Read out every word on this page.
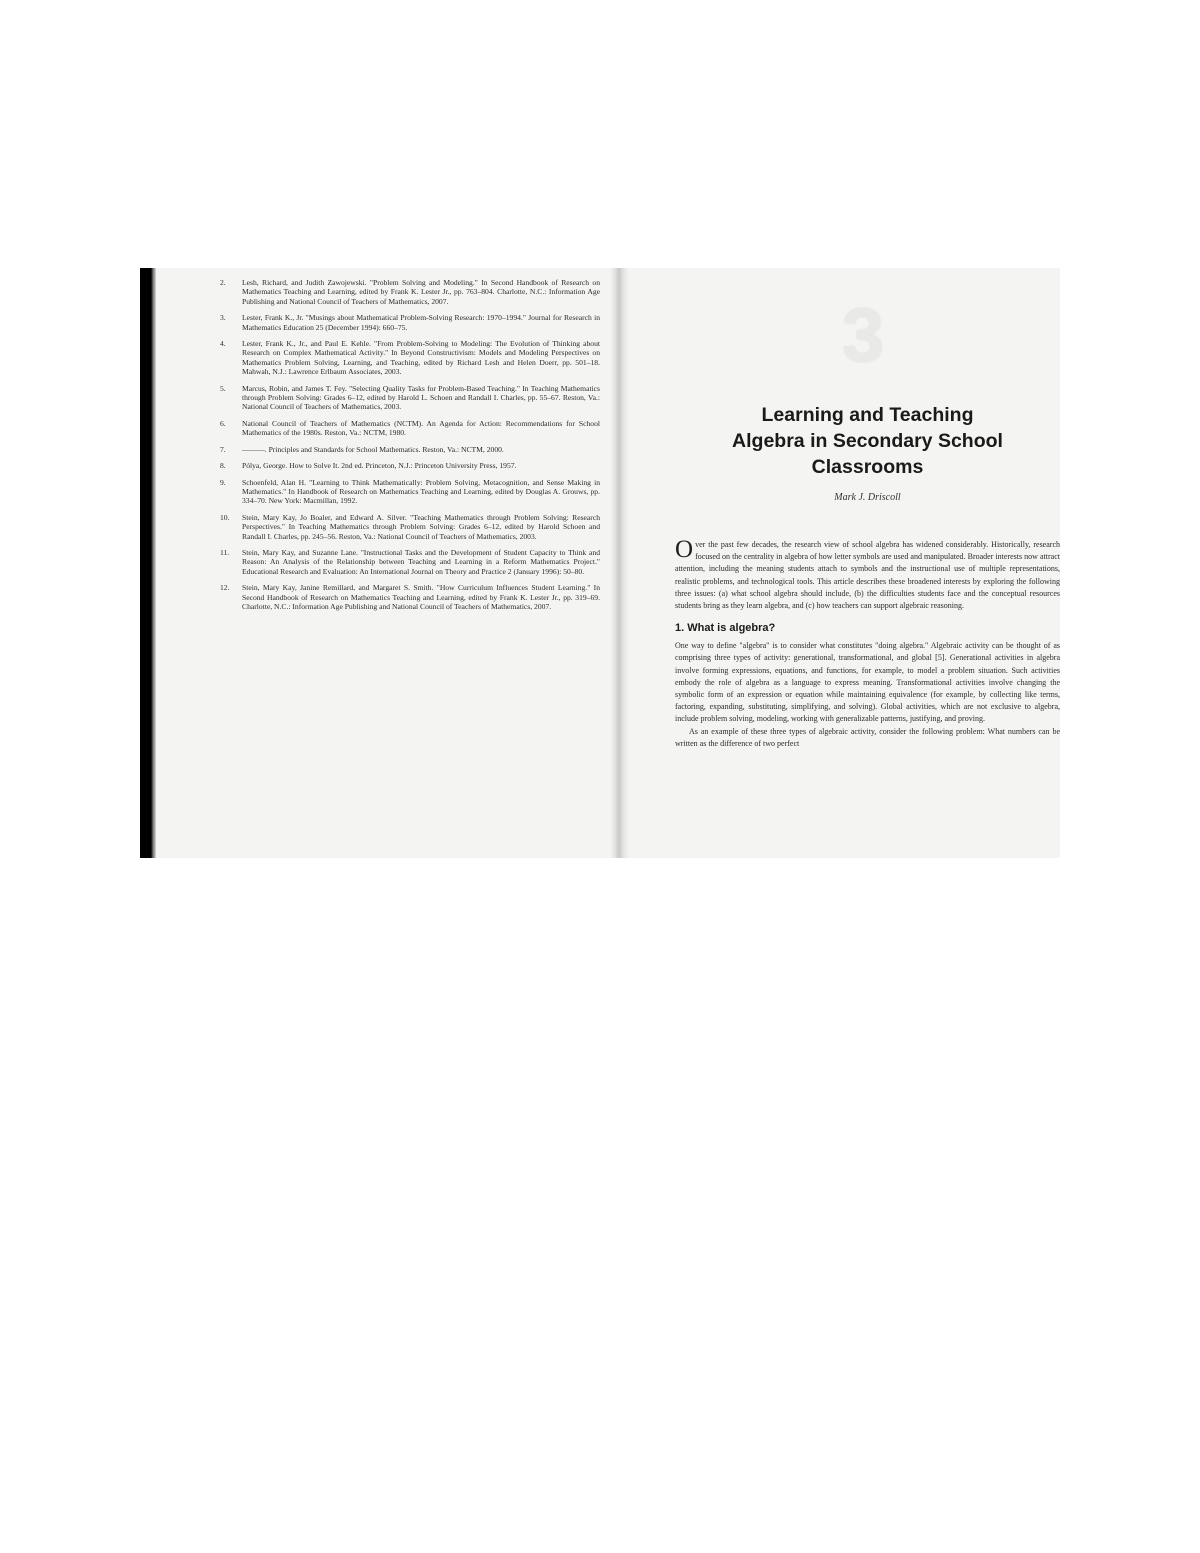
2.	Lesh, Richard, and Judith Zawojewski. "Problem Solving and Modeling." In Second Handbook of Research on Mathematics Teaching and Learning, edited by Frank K. Lester Jr., pp. 763–804. Charlotte, N.C.: Information Age Publishing and National Council of Teachers of Mathematics, 2007.
3.	Lester, Frank K., Jr. "Musings about Mathematical Problem-Solving Research: 1970–1994." Journal for Research in Mathematics Education 25 (December 1994): 660–75.
4.	Lester, Frank K., Jr., and Paul E. Kehle. "From Problem-Solving to Modeling: The Evolution of Thinking about Research on Complex Mathematical Activity." In Beyond Constructivism: Models and Modeling Perspectives on Mathematics Problem Solving, Learning, and Teaching, edited by Richard Lesh and Helen Doerr, pp. 501–18. Mahwah, N.J.: Lawrence Erlbaum Associates, 2003.
5.	Marcus, Robin, and James T. Fey. "Selecting Quality Tasks for Problem-Based Teaching." In Teaching Mathematics through Problem Solving: Grades 6–12, edited by Harold L. Schoen and Randall I. Charles, pp. 55–67. Reston, Va.: National Council of Teachers of Mathematics, 2003.
6.	National Council of Teachers of Mathematics (NCTM). An Agenda for Action: Recommendations for School Mathematics of the 1980s. Reston, Va.: NCTM, 1980.
7.	———. Principles and Standards for School Mathematics. Reston, Va.: NCTM, 2000.
8.	Pólya, George. How to Solve It. 2nd ed. Princeton, N.J.: Princeton University Press, 1957.
9.	Schoenfeld, Alan H. "Learning to Think Mathematically: Problem Solving, Metacognition, and Sense Making in Mathematics." In Handbook of Research on Mathematics Teaching and Learning, edited by Douglas A. Grouws, pp. 334–70. New York: Macmillan, 1992.
10.	Stein, Mary Kay, Jo Boaler, and Edward A. Silver. "Teaching Mathematics through Problem Solving: Research Perspectives." In Teaching Mathematics through Problem Solving: Grades 6–12, edited by Harold Schoen and Randall I. Charles, pp. 245–56. Reston, Va.: National Council of Teachers of Mathematics, 2003.
11.	Stein, Mary Kay, and Suzanne Lane. "Instructional Tasks and the Development of Student Capacity to Think and Reason: An Analysis of the Relationship between Teaching and Learning in a Reform Mathematics Project." Educational Research and Evaluation: An International Journal on Theory and Practice 2 (January 1996): 50–80.
12.	Stein, Mary Kay, Janine Remillard, and Margaret S. Smith. "How Curriculum Influences Student Learning." In Second Handbook of Research on Mathematics Teaching and Learning, edited by Frank K. Lester Jr., pp. 319–69. Charlotte, N.C.: Information Age Publishing and National Council of Teachers of Mathematics, 2007.
3
Learning and Teaching
Algebra in Secondary School
Classrooms
Mark J. Driscoll
Over the past few decades, the research view of school algebra has widened considerably. Historically, research focused on the centrality in algebra of how letter symbols are used and manipulated. Broader interests now attract attention, including the meaning students attach to symbols and the instructional use of multiple representations, realistic problems, and technological tools. This article describes these broadened interests by exploring the following three issues: (a) what school algebra should include, (b) the difficulties students face and the conceptual resources students bring as they learn algebra, and (c) how teachers can support algebraic reasoning.
1. What is algebra?

One way to define "algebra" is to consider what constitutes "doing algebra." Algebraic activity can be thought of as comprising three types of activity: generational, transformational, and global [5]. Generational activities in algebra involve forming expressions, equations, and functions, for example, to model a problem situation. Such activities embody the role of algebra as a language to express meaning. Transformational activities involve changing the symbolic form of an expression or equation while maintaining equivalence (for example, by collecting like terms, factoring, expanding, substituting, simplifying, and solving). Global activities, which are not exclusive to algebra, include problem solving, modeling, working with generalizable patterns, justifying, and proving.

As an example of these three types of algebraic activity, consider the following problem: What numbers can be written as the difference of two perfect
